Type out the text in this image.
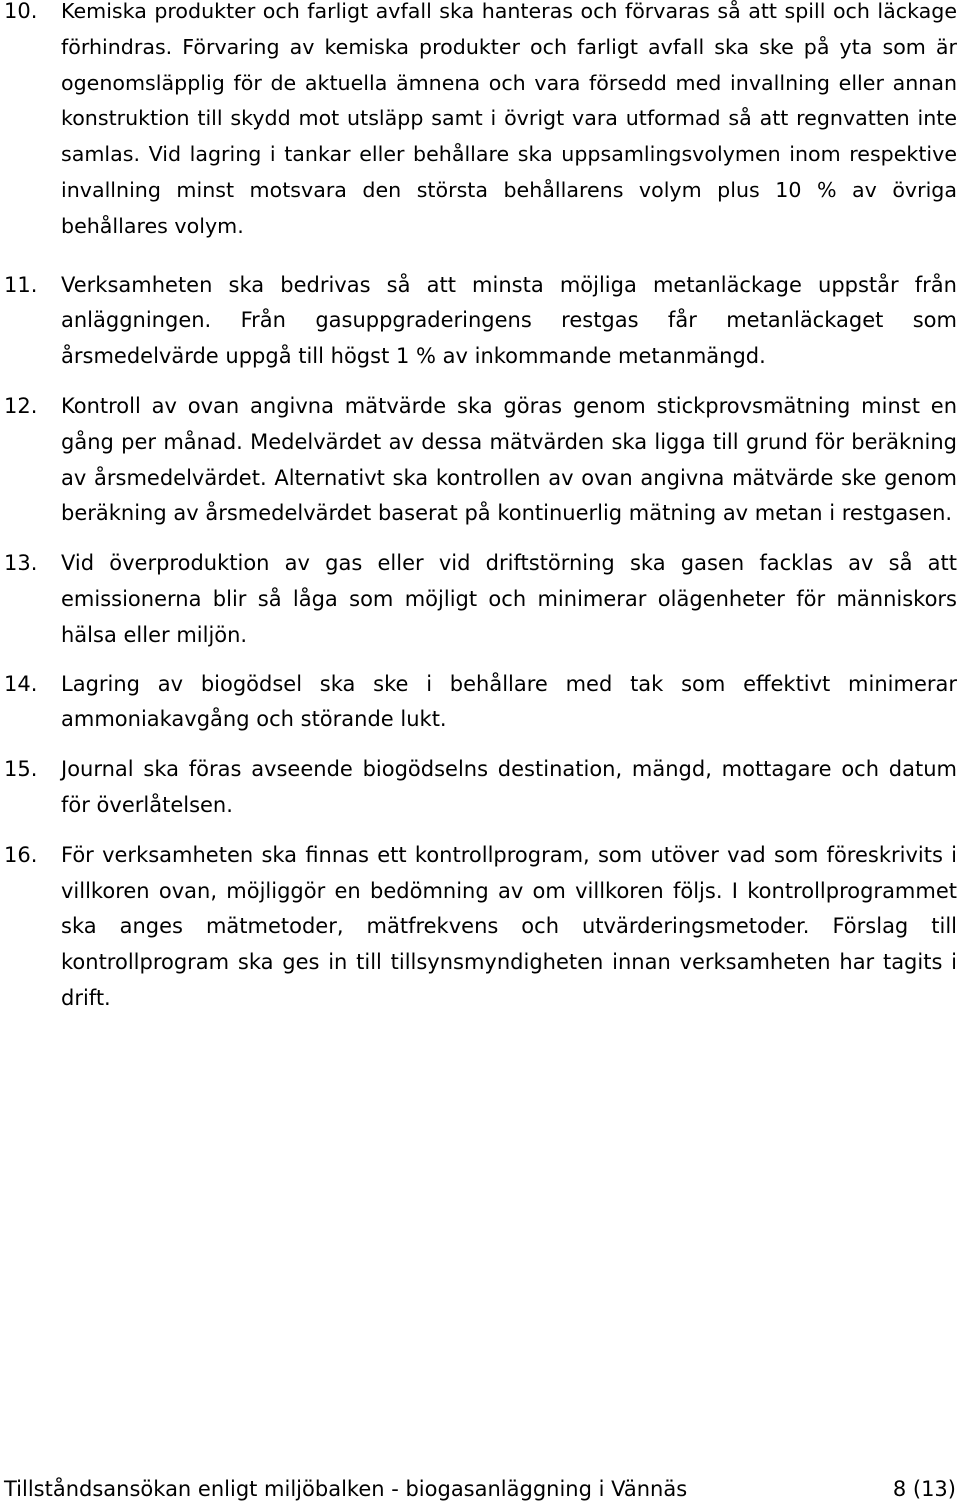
10. Kemiska produkter och farligt avfall ska hanteras och förvaras så att spill och läckage förhindras. Förvaring av kemiska produkter och farligt avfall ska ske på yta som är ogenomsläpplig för de aktuella ämnena och vara försedd med invallning eller annan konstruktion till skydd mot utsläpp samt i övrigt vara utformad så att regnvatten inte samlas. Vid lagring i tankar eller behållare ska uppsamlingsvolymen inom respektive invallning minst motsvara den största behållarens volym plus 10 % av övriga behållares volym.
11. Verksamheten ska bedrivas så att minsta möjliga metanläckage uppstår från anläggningen. Från gasuppgraderingens restgas får metanläckaget som årsmedelvärde uppgå till högst 1 % av inkommande metanmängd.
12. Kontroll av ovan angivna mätvärde ska göras genom stickprovsmätning minst en gång per månad. Medelvärdet av dessa mätvärden ska ligga till grund för beräkning av årsmedelvärdet. Alternativt ska kontrollen av ovan angivna mätvärde ske genom beräkning av årsmedelvärdet baserat på kontinuerlig mätning av metan i restgasen.
13. Vid överproduktion av gas eller vid driftstörning ska gasen facklas av så att emissionerna blir så låga som möjligt och minimerar olägenheter för människors hälsa eller miljön.
14. Lagring av biogödsel ska ske i behållare med tak som effektivt minimerar ammoniakavgång och störande lukt.
15. Journal ska föras avseende biogödselns destination, mängd, mottagare och datum för överlåtelsen.
16. För verksamheten ska finnas ett kontrollprogram, som utöver vad som föreskrivits i villkoren ovan, möjliggör en bedömning av om villkoren följs. I kontrollprogrammet ska anges mätmetoder, mätfrekvens och utvärderingsmetoder. Förslag till kontrollprogram ska ges in till tillsynsmyndigheten innan verksamheten har tagits i drift.
Tillståndsansökan enligt miljöbalken - biogasanläggning i Vännäs	8 (13)
